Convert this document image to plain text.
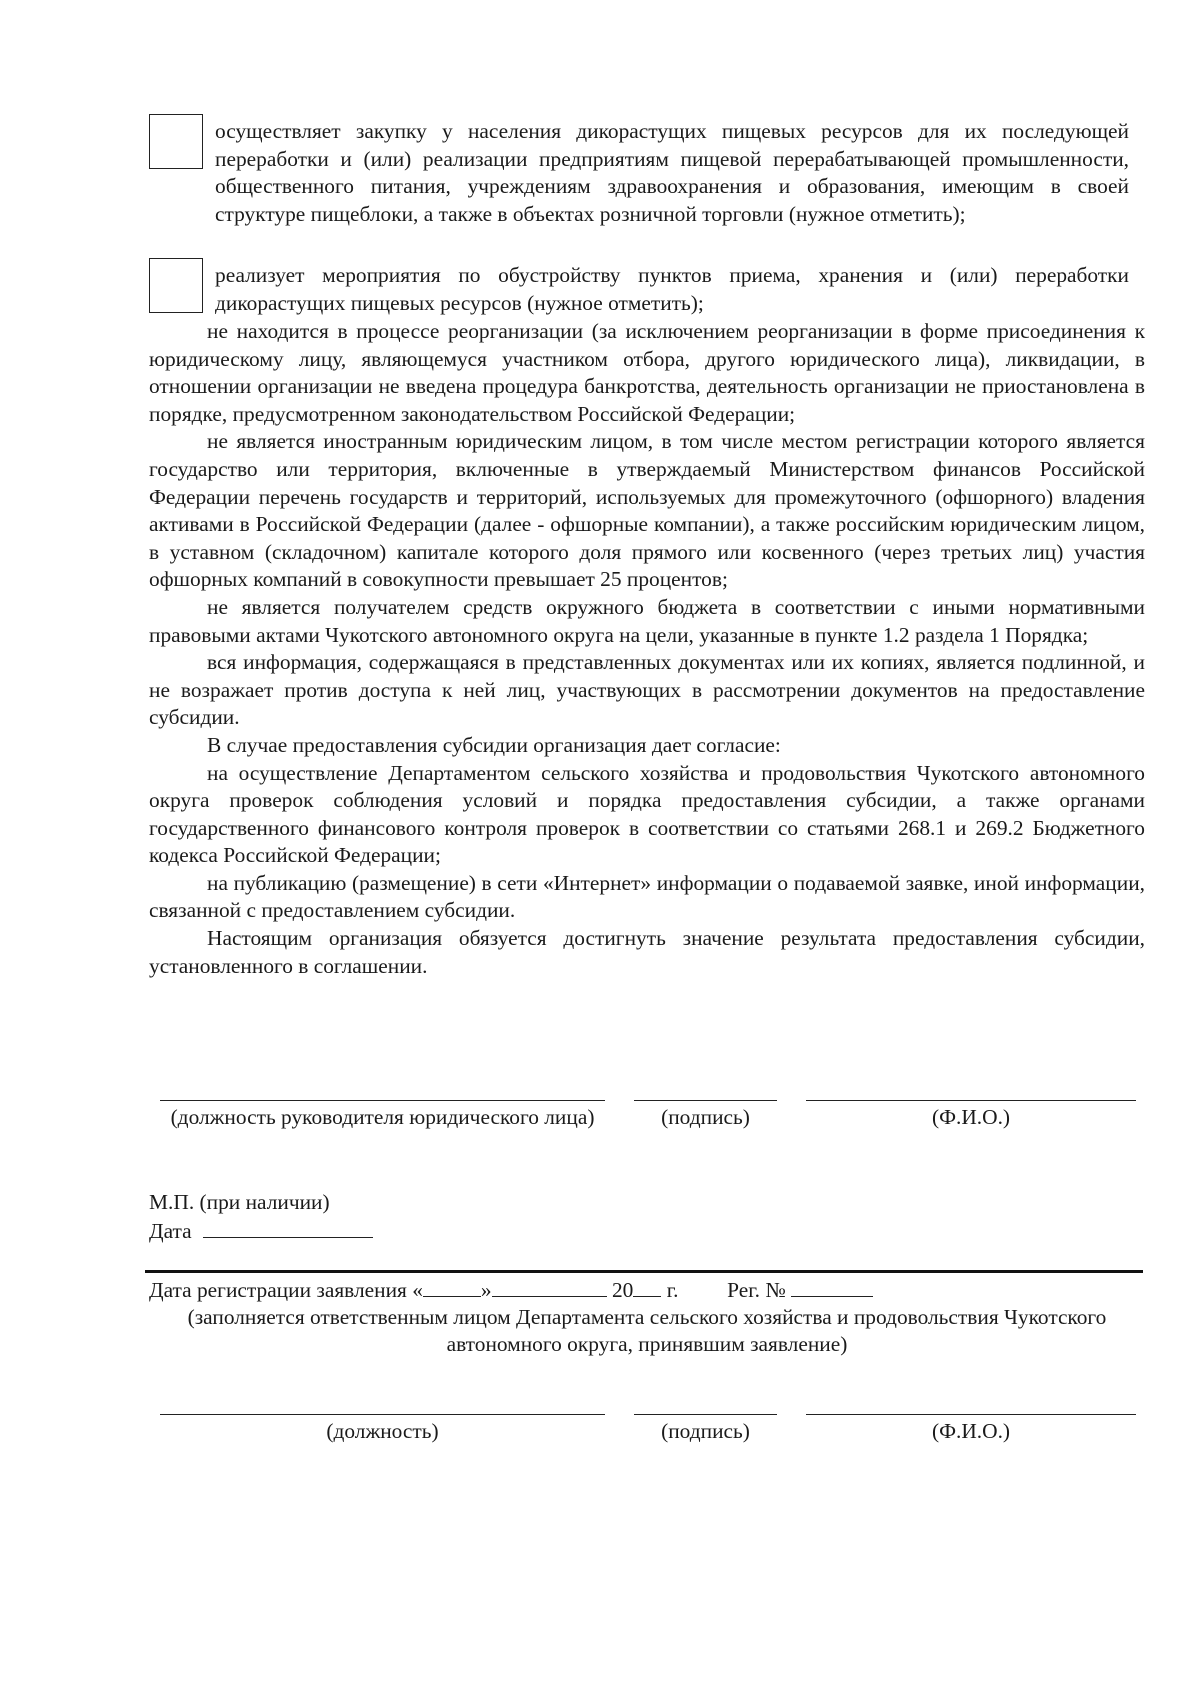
осуществляет закупку у населения дикорастущих пищевых ресурсов для их последующей переработки и (или) реализации предприятиям пищевой перерабатывающей промышленности, общественного питания, учреждениям здравоохранения и образования, имеющим в своей структуре пищеблоки, а также в объектах розничной торговли (нужное отметить);

реализует мероприятия по обустройству пунктов приема, хранения и (или) переработки дикорастущих пищевых ресурсов (нужное отметить);

не находится в процессе реорганизации (за исключением реорганизации в форме присоединения к юридическому лицу, являющемуся участником отбора, другого юридического лица), ликвидации, в отношении организации не введена процедура банкротства, деятельность организации не приостановлена в порядке, предусмотренном законодательством Российской Федерации;

не является иностранным юридическим лицом, в том числе местом регистрации которого является государство или территория, включенные в утверждаемый Министерством финансов Российской Федерации перечень государств и территорий, используемых для промежуточного (офшорного) владения активами в Российской Федерации (далее - офшорные компании), а также российским юридическим лицом, в уставном (складочном) капитале которого доля прямого или косвенного (через третьих лиц) участия офшорных компаний в совокупности превышает 25 процентов;

не является получателем средств окружного бюджета в соответствии с иными нормативными правовыми актами Чукотского автономного округа на цели, указанные в пункте 1.2 раздела 1 Порядка;

вся информация, содержащаяся в представленных документах или их копиях, является подлинной, и не возражает против доступа к ней лиц, участвующих в рассмотрении документов на предоставление субсидии.

В случае предоставления субсидии организация дает согласие:

на осуществление Департаментом сельского хозяйства и продовольствия Чукотского автономного округа проверок соблюдения условий и порядка предоставления субсидии, а также органами государственного финансового контроля проверок в соответствии со статьями 268.1 и 269.2 Бюджетного кодекса Российской Федерации;

на публикацию (размещение) в сети «Интернет» информации о подаваемой заявке, иной информации, связанной с предоставлением субсидии.

Настоящим организация обязуется достигнуть значение результата предоставления субсидии, установленного в соглашении.

(должность руководителя юридического лица)	(подпись)	(Ф.И.О.)
М.П. (при наличии)
Дата
Дата регистрации заявления «	»	20 г. Рег. №
(заполняется ответственным лицом Департамента сельского хозяйства и продовольствия Чукотского автономного округа, принявшим заявление)
(должность)	(подпись)	(Ф.И.О.)
